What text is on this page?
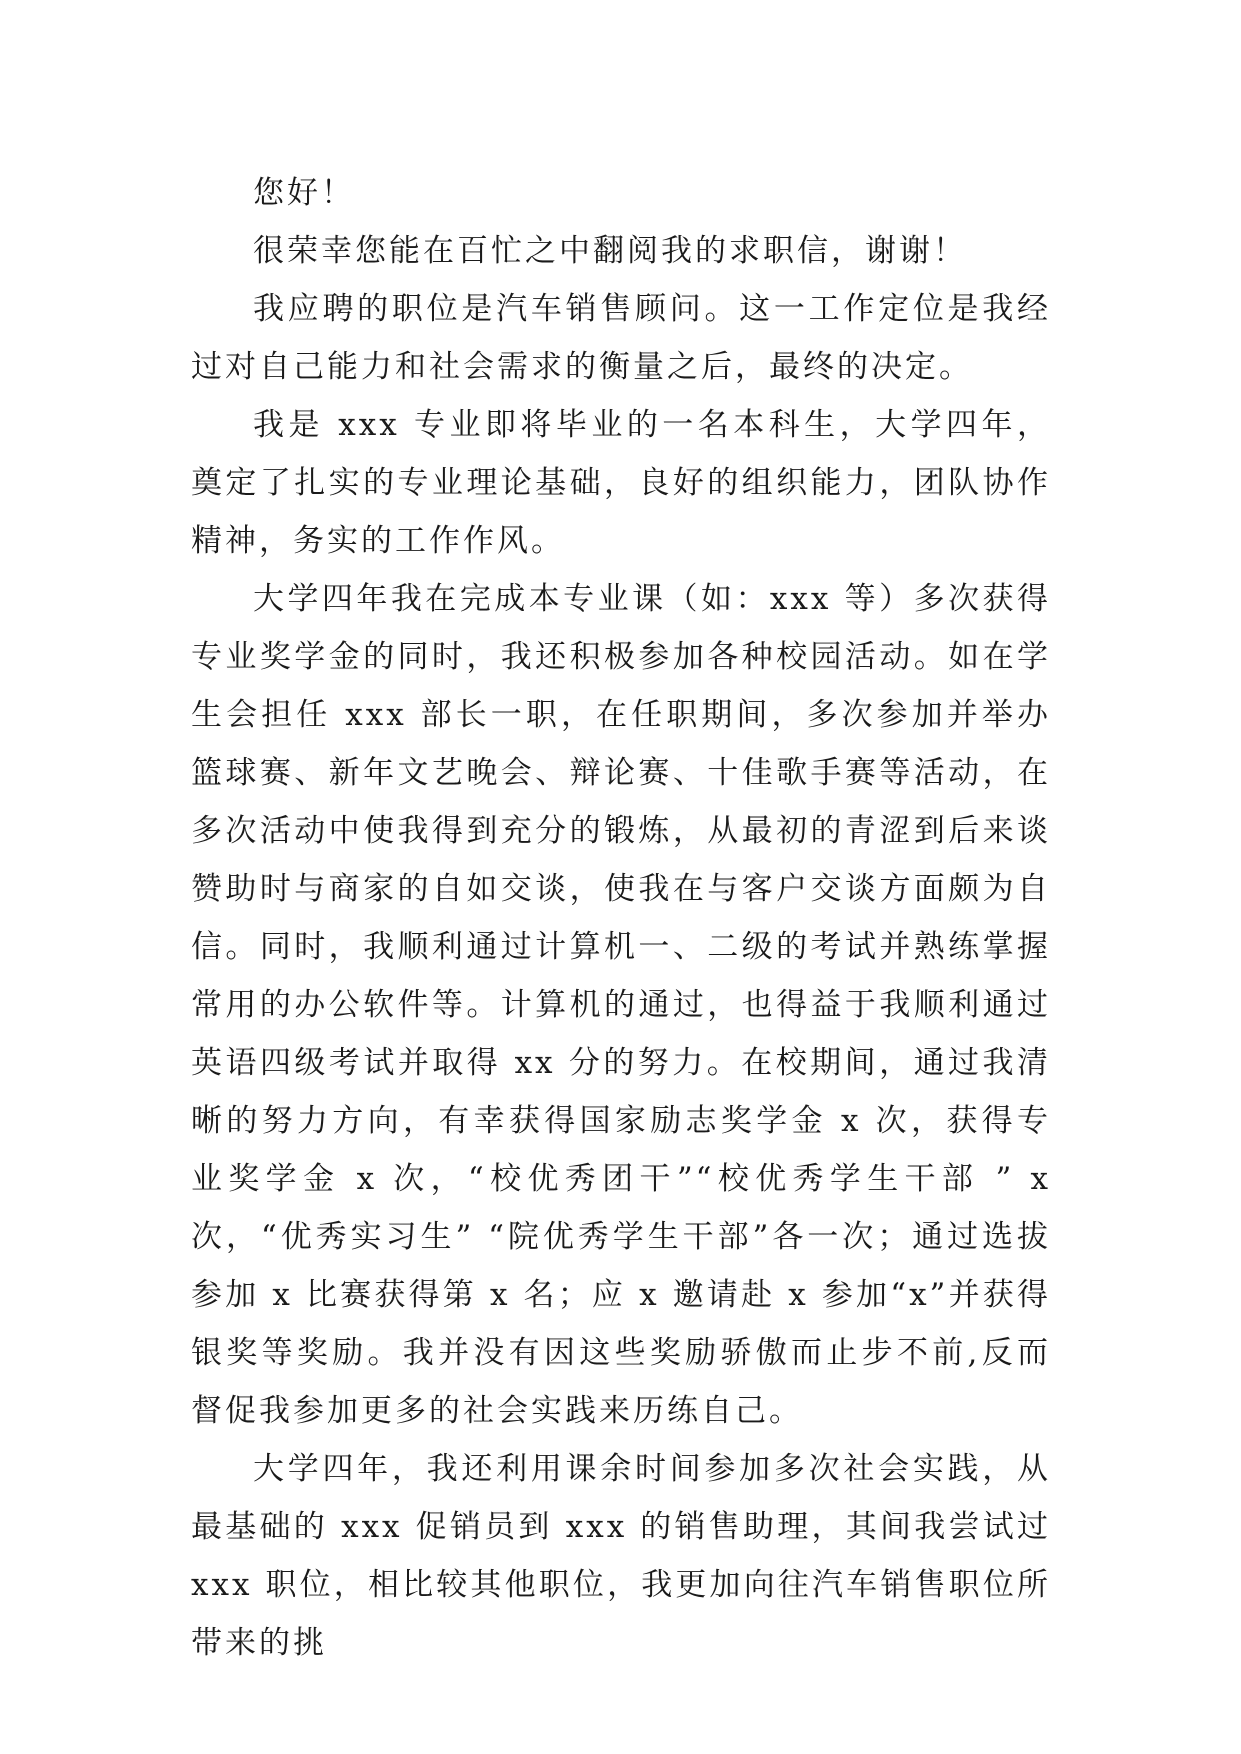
您好！

很荣幸您能在百忙之中翻阅我的求职信，谢谢！

我应聘的职位是汽车销售顾问。这一工作定位是我经过对自己能力和社会需求的衡量之后，最终的决定。

我是 xxx 专业即将毕业的一名本科生，大学四年，奠定了扎实的专业理论基础，良好的组织能力，团队协作精神，务实的工作作风。

大学四年我在完成本专业课（如：xxx 等）多次获得专业奖学金的同时，我还积极参加各种校园活动。如在学生会担任 xxx 部长一职，在任职期间，多次参加并举办篮球赛、新年文艺晚会、辩论赛、十佳歌手赛等活动，在多次活动中使我得到充分的锻炼，从最初的青涩到后来谈赞助时与商家的自如交谈，使我在与客户交谈方面颇为自信。同时，我顺利通过计算机一、二级的考试并熟练掌握常用的办公软件等。计算机的通过，也得益于我顺利通过英语四级考试并取得 xx 分的努力。在校期间，通过我清晰的努力方向，有幸获得国家励志奖学金 x 次，获得专业奖学金 x 次，“校优秀团干”“校优秀学生干部 ” x 次，“优秀实习生” “院优秀学生干部”各一次；通过选拔参加 x 比赛获得第 x 名；应 x 邀请赴 x 参加“x”并获得银奖等奖励。我并没有因这些奖励骄傲而止步不前,反而督促我参加更多的社会实践来历练自己。

大学四年，我还利用课余时间参加多次社会实践，从最基础的 xxx 促销员到 xxx 的销售助理，其间我尝试过 xxx 职位，相比较其他职位，我更加向往汽车销售职位所带来的挑
